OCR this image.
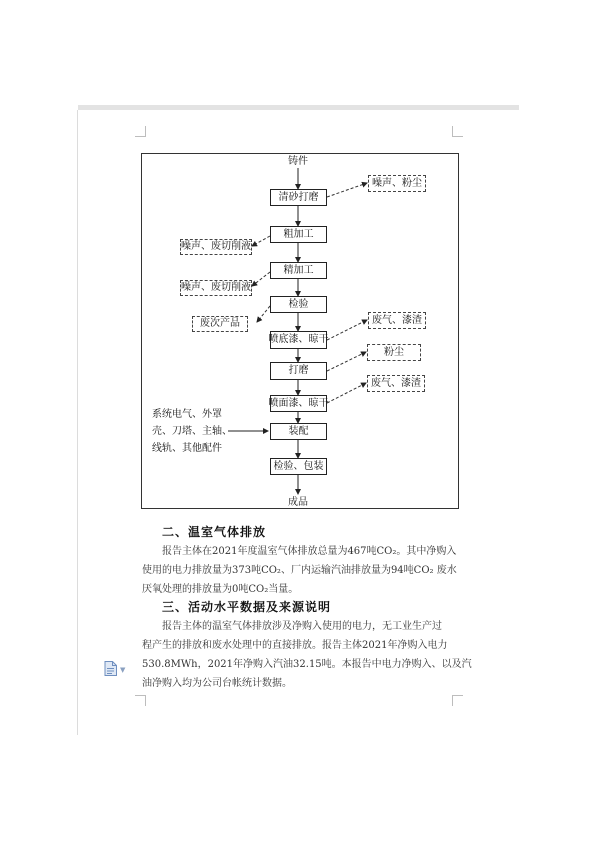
铸件
成品
清砂打磨
粗加工
精加工
检验
喷底漆、晾干
打磨
喷面漆、晾干
装配
检验、包装
噪声、粉尘
噪声、废切削液
噪声、废切削液
废次产品	废气、漆渣
粉尘
废气、漆渣
系统电气、外罩
壳、刀塔、主轴、
线轨、其他配件
二、温室气体排放

报告主体在2021年度温室气体排放总量为467吨CO₂。其中净购入

使用的电力排放量为373吨CO₂、厂内运输汽油排放量为94吨CO₂ 废水

厌氧处理的排放量为0吨CO₂当量。

三、活动水平数据及来源说明

报告主体的温室气体排放涉及净购入使用的电力，无工业生产过

程产生的排放和废水处理中的直接排放。报告主体2021年净购入电力

530.8MWh，2021年净购入汽油32.15吨。本报告中电力净购入、以及汽

油净购入均为公司台帐统计数据。

▼
